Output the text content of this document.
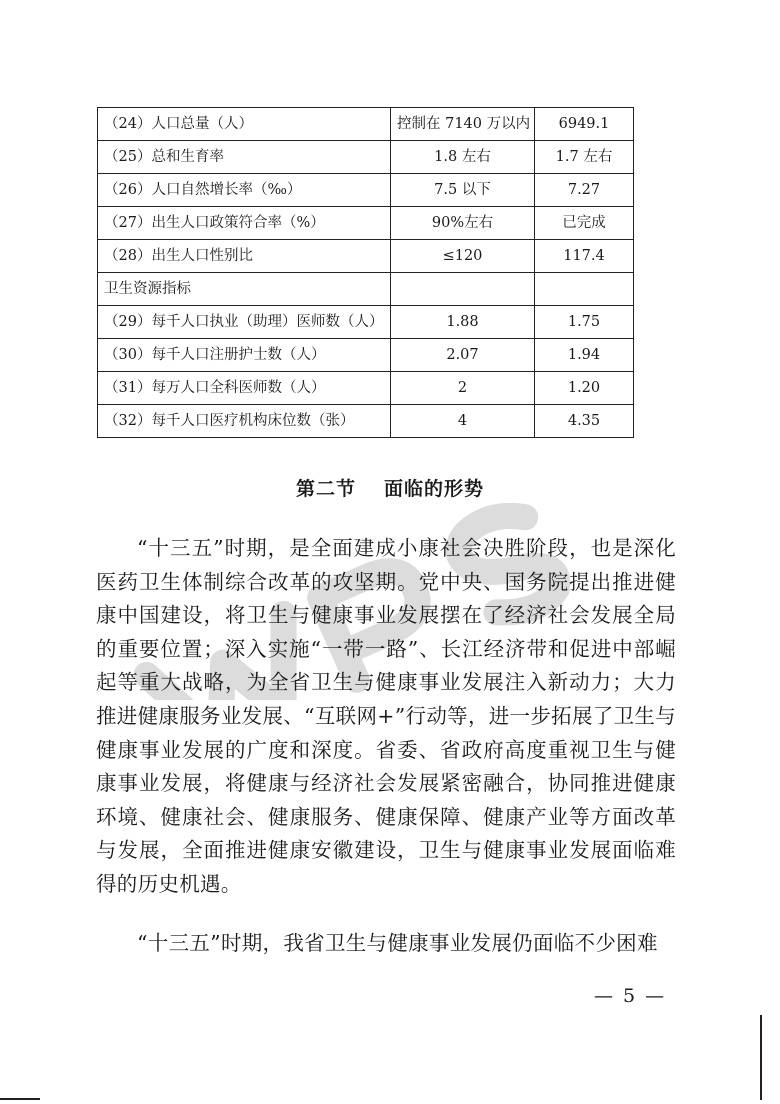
（24）人口总量（人）	控制在 7140 万以内	6949.1
（25）总和生育率	1.8 左右	1.7 左右
（26）人口自然增长率（‰）	7.5 以下	7.27
（27）出生人口政策符合率（%）	90%左右	已完成
（28）出生人口性别比	≤120	117.4
卫生资源指标		
（29）每千人口执业（助理）医师数（人）	1.88	1.75
（30）每千人口注册护士数（人）	2.07	1.94
（31）每万人口全科医师数（人）	2	1.20
（32）每千人口医疗机构床位数（张）	4	4.35
第二节 面临的形势

“十三五”时期，是全面建成小康社会决胜阶段，也是深化医药卫生体制综合改革的攻坚期。党中央、国务院提出推进健康中国建设，将卫生与健康事业发展摆在了经济社会发展全局的重要位置；深入实施“一带一路”、长江经济带和促进中部崛起等重大战略，为全省卫生与健康事业发展注入新动力；大力推进健康服务业发展、“互联网+”行动等，进一步拓展了卫生与健康事业发展的广度和深度。省委、省政府高度重视卫生与健康事业发展，将健康与经济社会发展紧密融合，协同推进健康环境、健康社会、健康服务、健康保障、健康产业等方面改革与发展，全面推进健康安徽建设，卫生与健康事业发展面临难得的历史机遇。

“十三五”时期，我省卫生与健康事业发展仍面临不少困难

— 5 —
